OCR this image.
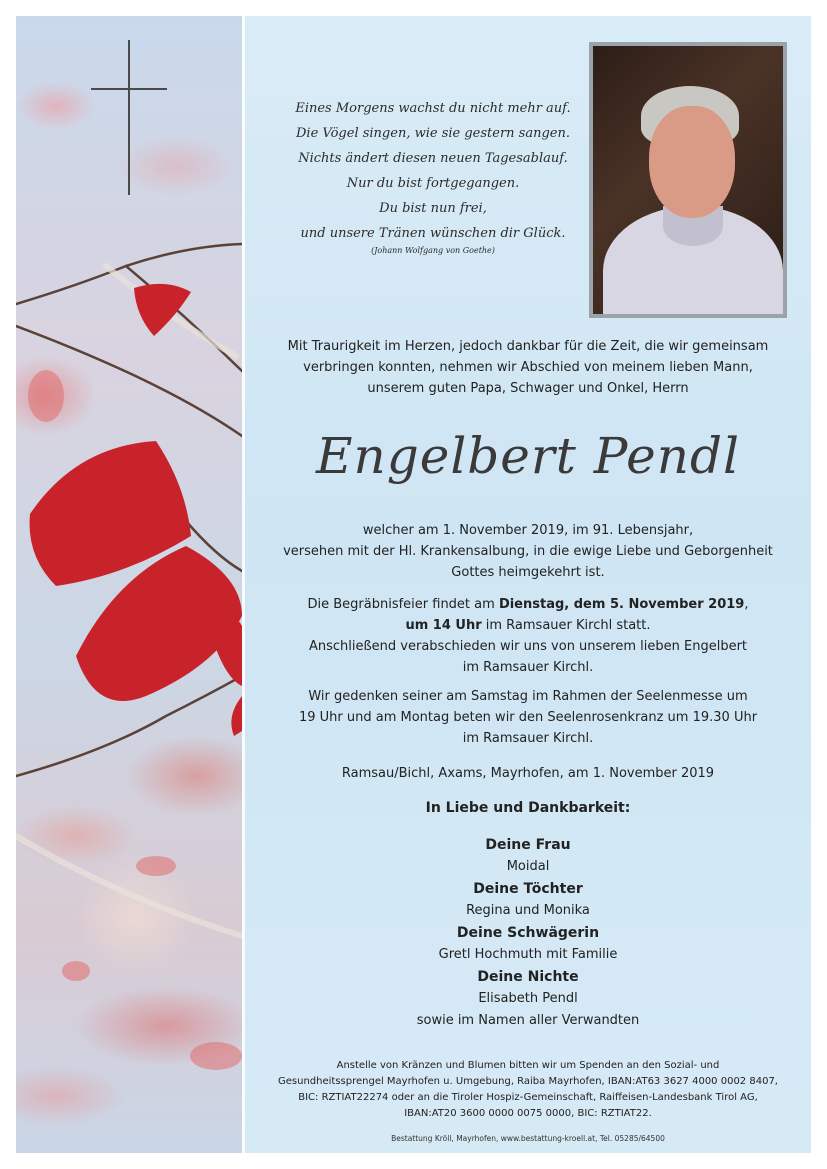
Eines Morgens wachst du nicht mehr auf.
Die Vögel singen, wie sie gestern sangen.
Nichts ändert diesen neuen Tagesablauf.
Nur du bist fortgegangen.
Du bist nun frei,
und unsere Tränen wünschen dir Glück.
(Johann Wolfgang von Goethe)
Mit Traurigkeit im Herzen, jedoch dankbar für die Zeit, die wir gemeinsam
verbringen konnten, nehmen wir Abschied von meinem lieben Mann,
unserem guten Papa, Schwager und Onkel, Herrn
Engelbert Pendl
welcher am 1. November 2019, im 91. Lebensjahr,
versehen mit der Hl. Krankensalbung, in die ewige Liebe und Geborgenheit
Gottes heimgekehrt ist.
Die Begräbnisfeier findet am Dienstag, dem 5. November 2019,
um 14 Uhr im Ramsauer Kirchl statt.
Anschließend verabschieden wir uns von unserem lieben Engelbert
im Ramsauer Kirchl.
Wir gedenken seiner am Samstag im Rahmen der Seelenmesse um
19 Uhr und am Montag beten wir den Seelenrosenkranz um 19.30 Uhr
im Ramsauer Kirchl.
Ramsau/Bichl, Axams, Mayrhofen, am 1. November 2019
In Liebe und Dankbarkeit:
Deine Frau
Moidal
Deine Töchter
Regina und Monika
Deine Schwägerin
Gretl Hochmuth mit Familie
Deine Nichte
Elisabeth Pendl
sowie im Namen aller Verwandten
Anstelle von Kränzen und Blumen bitten wir um Spenden an den Sozial- und
Gesundheitssprengel Mayrhofen u. Umgebung, Raiba Mayrhofen, IBAN:AT63 3627 4000 0002 8407,
BIC: RZTIAT22274 oder an die Tiroler Hospiz-Gemeinschaft, Raiffeisen-Landesbank Tirol AG,
IBAN:AT20 3600 0000 0075 0000, BIC: RZTIAT22.
Bestattung Kröll, Mayrhofen, www.bestattung-kroell.at, Tel. 05285/64500
